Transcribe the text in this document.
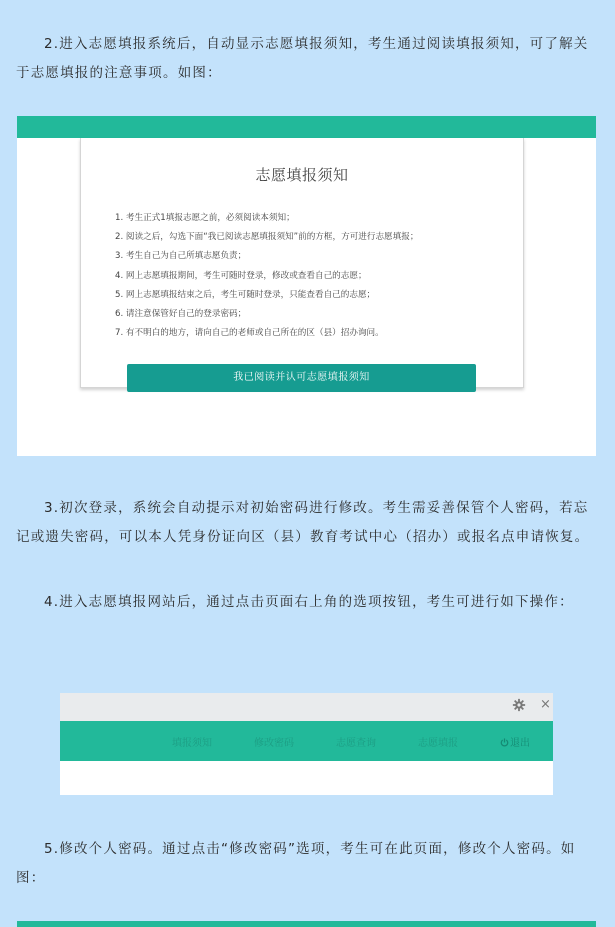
2.进入志愿填报系统后，自动显示志愿填报须知，考生通过阅读填报须知，可了解关于志愿填报的注意事项。如图：

志愿填报须知
1. 考生正式1填报志愿之前，必须阅读本须知；
2. 阅读之后，勾选下面“我已阅读志愿填报须知”前的方框，方可进行志愿填报；
3. 考生自己为自己所填志愿负责；
4. 网上志愿填报期间，考生可随时登录，修改或查看自己的志愿；
5. 网上志愿填报结束之后，考生可随时登录，只能查看自己的志愿；
6. 请注意保管好自己的登录密码；
7. 有不明白的地方，请向自己的老师或自己所在的区（县）招办询问。
我已阅读并认可志愿填报须知

3.初次登录，系统会自动提示对初始密码进行修改。考生需妥善保管个人密码，若忘记或遗失密码，可以本人凭身份证向区（县）教育考试中心（招办）或报名点申请恢复。

4.进入志愿填报网站后，通过点击页面右上角的选项按钮，考生可进行如下操作：

×
填报须知	修改密码	志愿查询	志愿填报	退出

5.修改个人密码。通过点击“修改密码”选项，考生可在此页面，修改个人密码。如图：
